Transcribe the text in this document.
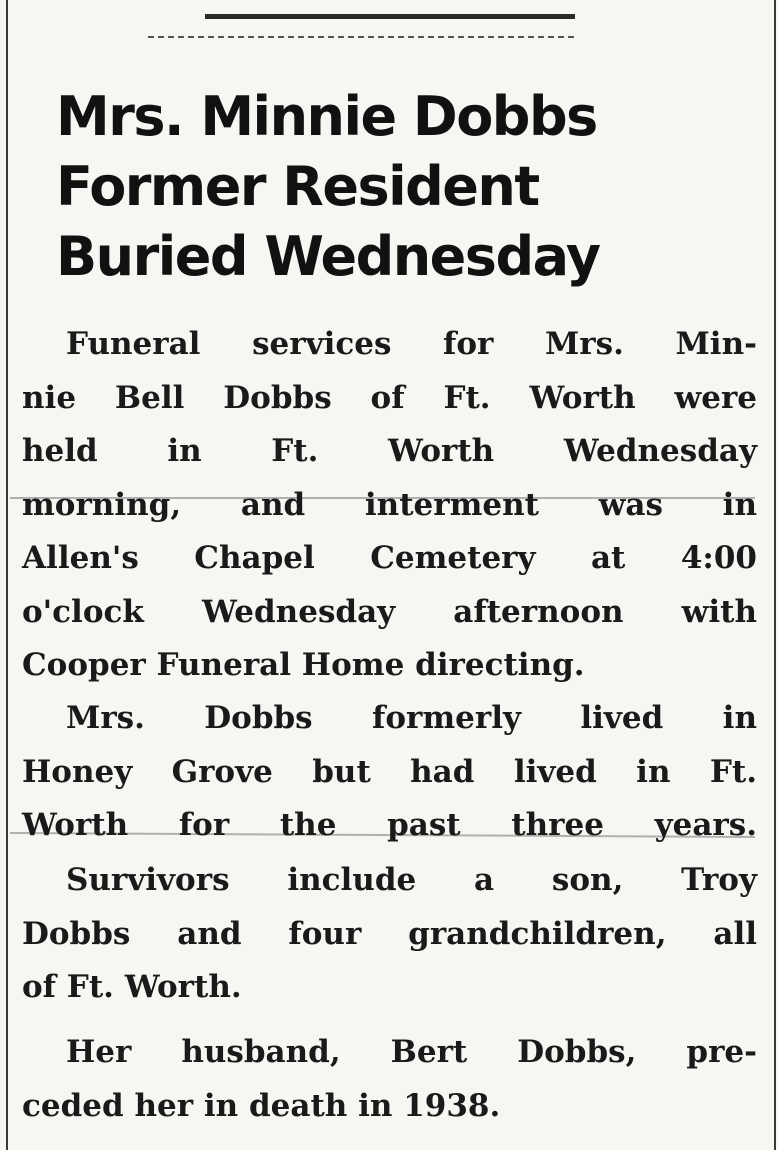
Mrs. Minnie Dobbs
Former Resident
Buried Wednesday

Funeral services for Mrs. Min-
nie Bell Dobbs of Ft. Worth were
held in Ft. Worth Wednesday
morning, and interment was in
Allen's Chapel Cemetery at 4:00
o'clock Wednesday afternoon with
Cooper Funeral Home directing.

Mrs. Dobbs formerly lived in
Honey Grove but had lived in Ft.
Worth for the past three years.

Survivors include a son, Troy
Dobbs and four grandchildren, all
of Ft. Worth.

Her husband, Bert Dobbs, pre-
ceded her in death in 1938.
